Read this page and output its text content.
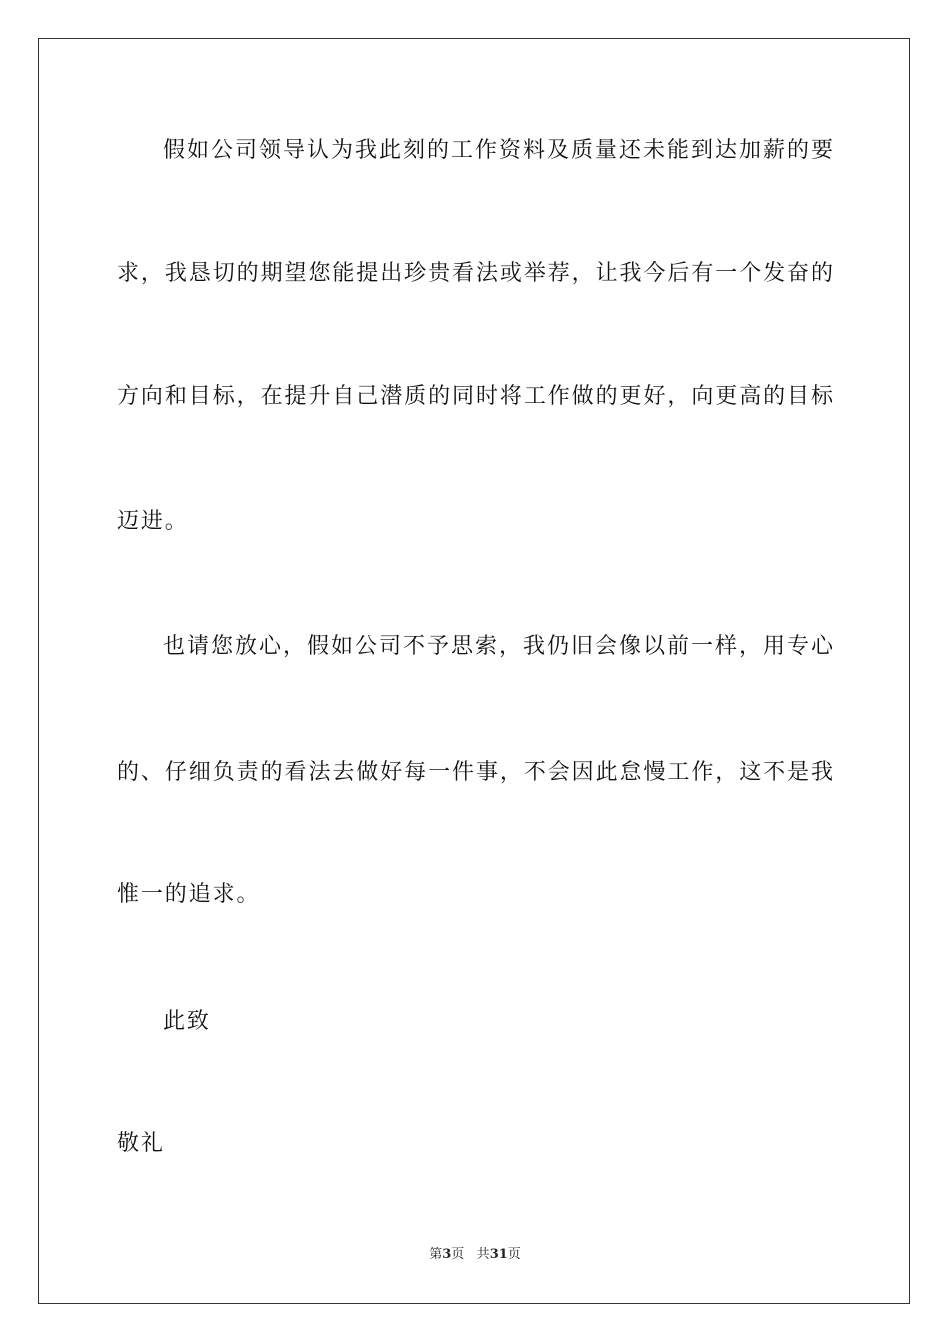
假如公司领导认为我此刻的工作资料及质量还未能到达加薪的要
求，我恳切的期望您能提出珍贵看法或举荐，让我今后有一个发奋的
方向和目标，在提升自己潜质的同时将工作做的更好，向更高的目标
迈进。
也请您放心，假如公司不予思索，我仍旧会像以前一样，用专心
的、仔细负责的看法去做好每一件事，不会因此怠慢工作，这不是我
惟一的追求。
此致
敬礼
第3页 共31页
